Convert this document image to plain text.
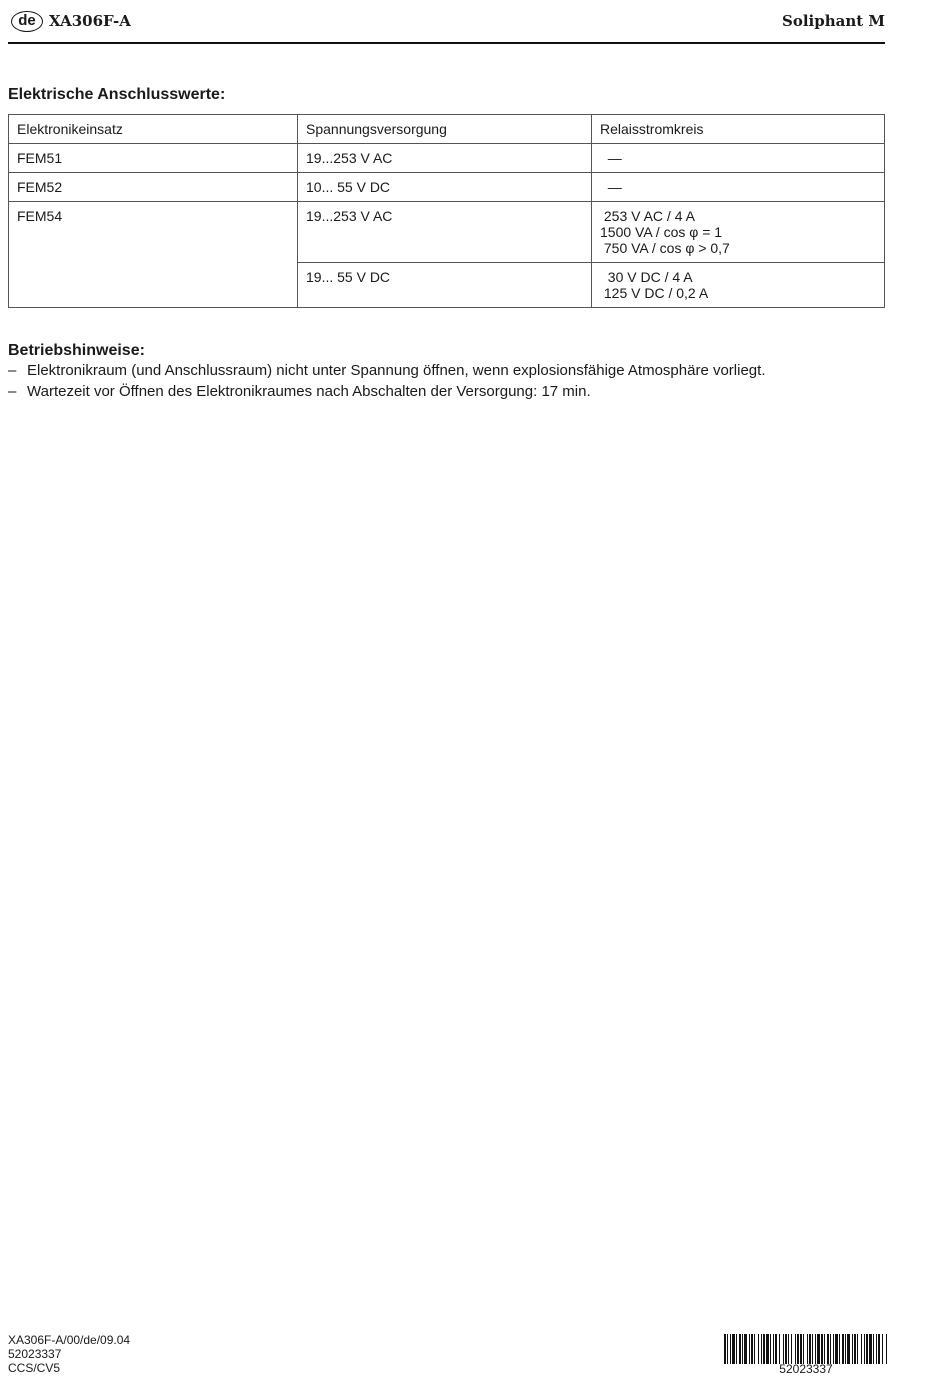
de XA306F-A	Soliphant M
Elektrische Anschlusswerte:
Elektronikeinsatz	Spannungsversorgung	Relaisstromkreis
FEM51	19...253 V AC	—

FEM52	10... 55 V DC	—

FEM54	19...253 V AC	253 V AC / 4 A
1500 VA / cos φ = 1
750 VA / cos φ > 0,7

	19... 55 V DC	30 V DC / 4 A
125 V DC / 0,2 A
Betriebshinweise:
– Elektronikraum (und Anschlussraum) nicht unter Spannung öffnen, wenn explosionsfähige Atmosphäre vorliegt.
– Wartezeit vor Öffnen des Elektronikraumes nach Abschalten der Versorgung: 17 min.
XA306F-A/00/de/09.04
52023337
CCS/CV5	52023337
